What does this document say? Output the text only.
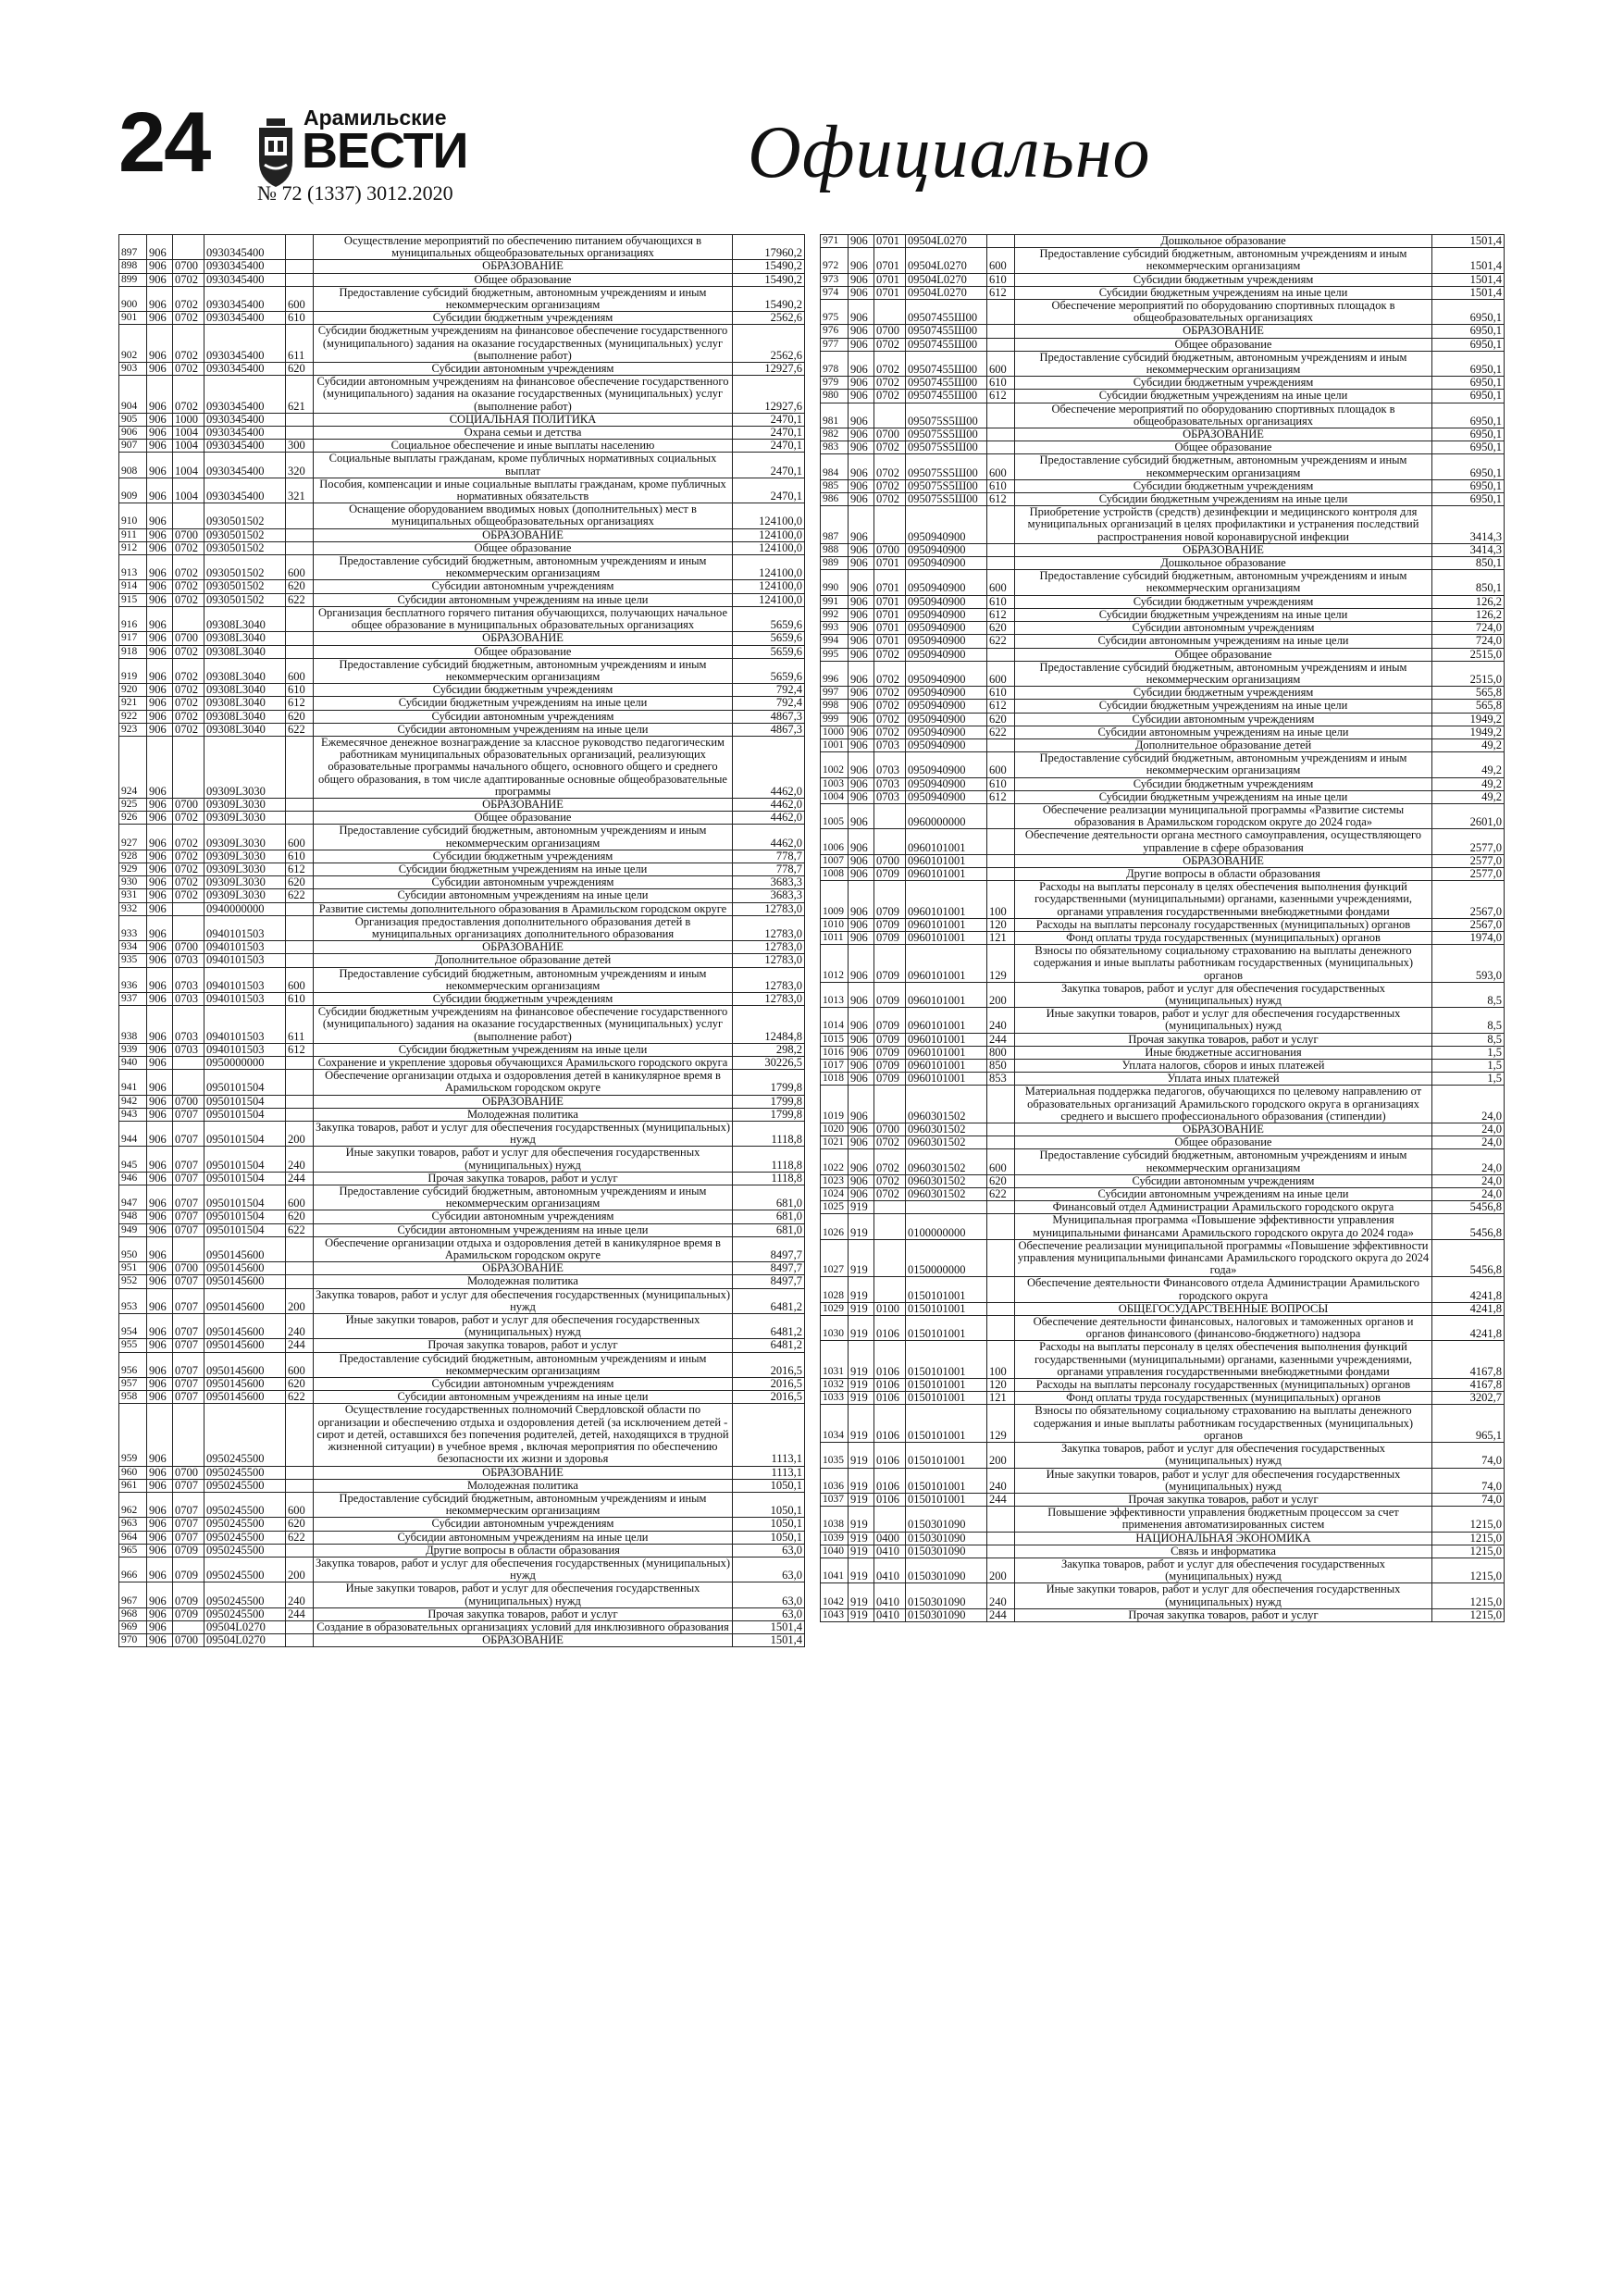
24	Арамильские
ВЕСТИ
№ 72 (1337) 3012.2020	Официально
897	906		0930345400		Осуществление мероприятий по обеспечению питанием обучающихся в муниципальных общеобразовательных организациях	17960,2
898	906	0700	0930345400		ОБРАЗОВАНИЕ	15490,2
899	906	0702	0930345400		Общее образование	15490,2
900	906	0702	0930345400	600	Предоставление субсидий бюджетным, автономным учреждениям и иным некоммерческим организациям	15490,2
901	906	0702	0930345400	610	Субсидии бюджетным учреждениям	2562,6
902	906	0702	0930345400	611	Субсидии бюджетным учреждениям на финансовое обеспечение государственного (муниципального) задания на оказание государственных (муниципальных) услуг (выполнение работ)	2562,6
903	906	0702	0930345400	620	Субсидии автономным учреждениям	12927,6
904	906	0702	0930345400	621	Субсидии автономным учреждениям на финансовое обеспечение государственного (муниципального) задания на оказание государственных (муниципальных) услуг (выполнение работ)	12927,6
905	906	1000	0930345400		СОЦИАЛЬНАЯ ПОЛИТИКА	2470,1
906	906	1004	0930345400		Охрана семьи и детства	2470,1
907	906	1004	0930345400	300	Социальное обеспечение и иные выплаты населению	2470,1
908	906	1004	0930345400	320	Социальные выплаты гражданам, кроме публичных нормативных социальных выплат	2470,1
909	906	1004	0930345400	321	Пособия, компенсации и иные социальные выплаты гражданам, кроме публичных нормативных обязательств	2470,1
910	906		0930501502		Оснащение оборудованием вводимых новых (дополнительных) мест в муниципальных общеобразовательных организациях	124100,0
911	906	0700	0930501502		ОБРАЗОВАНИЕ	124100,0
912	906	0702	0930501502		Общее образование	124100,0
913	906	0702	0930501502	600	Предоставление субсидий бюджетным, автономным учреждениям и иным некоммерческим организациям	124100,0
914	906	0702	0930501502	620	Субсидии автономным учреждениям	124100,0
915	906	0702	0930501502	622	Субсидии автономным учреждениям на иные цели	124100,0
916	906		09308L3040		Организация бесплатного горячего питания обучающихся, получающих начальное общее образование в муниципальных образовательных организациях	5659,6
917	906	0700	09308L3040		ОБРАЗОВАНИЕ	5659,6
918	906	0702	09308L3040		Общее образование	5659,6
919	906	0702	09308L3040	600	Предоставление субсидий бюджетным, автономным учреждениям и иным некоммерческим организациям	5659,6
920	906	0702	09308L3040	610	Субсидии бюджетным учреждениям	792,4
921	906	0702	09308L3040	612	Субсидии бюджетным учреждениям на иные цели	792,4
922	906	0702	09308L3040	620	Субсидии автономным учреждениям	4867,3
923	906	0702	09308L3040	622	Субсидии автономным учреждениям на иные цели	4867,3
924	906		09309L3030		Ежемесячное денежное вознаграждение за классное руководство педагогическим работникам муниципальных образовательных организаций, реализующих образовательные программы начального общего, основного общего и среднего общего образования, в том числе адаптированные основные общеобразовательные программы	4462,0
925	906	0700	09309L3030		ОБРАЗОВАНИЕ	4462,0
926	906	0702	09309L3030		Общее образование	4462,0
927	906	0702	09309L3030	600	Предоставление субсидий бюджетным, автономным учреждениям и иным некоммерческим организациям	4462,0
928	906	0702	09309L3030	610	Субсидии бюджетным учреждениям	778,7
929	906	0702	09309L3030	612	Субсидии бюджетным учреждениям на иные цели	778,7
930	906	0702	09309L3030	620	Субсидии автономным учреждениям	3683,3
931	906	0702	09309L3030	622	Субсидии автономным учреждениям на иные цели	3683,3
932	906		0940000000		Развитие системы дополнительного образования в Арамильском городском округе	12783,0
933	906		0940101503		Организация предоставления дополнительного образования детей в муниципальных организациях дополнительного образования	12783,0
934	906	0700	0940101503		ОБРАЗОВАНИЕ	12783,0
935	906	0703	0940101503		Дополнительное образование детей	12783,0
936	906	0703	0940101503	600	Предоставление субсидий бюджетным, автономным учреждениям и иным некоммерческим организациям	12783,0
937	906	0703	0940101503	610	Субсидии бюджетным учреждениям	12783,0
938	906	0703	0940101503	611	Субсидии бюджетным учреждениям на финансовое обеспечение государственного (муниципального) задания на оказание государственных (муниципальных) услуг (выполнение работ)	12484,8
939	906	0703	0940101503	612	Субсидии бюджетным учреждениям на иные цели	298,2
940	906		0950000000		Сохранение и укрепление здоровья обучающихся Арамильского городского округа	30226,5
941	906		0950101504		Обеспечение организации отдыха и оздоровления детей в каникулярное время в Арамильском городском округе	1799,8
942	906	0700	0950101504		ОБРАЗОВАНИЕ	1799,8
943	906	0707	0950101504		Молодежная политика	1799,8
944	906	0707	0950101504	200	Закупка товаров, работ и услуг для обеспечения государственных (муниципальных) нужд	1118,8
945	906	0707	0950101504	240	Иные закупки товаров, работ и услуг для обеспечения государственных (муниципальных) нужд	1118,8
946	906	0707	0950101504	244	Прочая закупка товаров, работ и услуг	1118,8
947	906	0707	0950101504	600	Предоставление субсидий бюджетным, автономным учреждениям и иным некоммерческим организациям	681,0
948	906	0707	0950101504	620	Субсидии автономным учреждениям	681,0
949	906	0707	0950101504	622	Субсидии автономным учреждениям на иные цели	681,0
950	906		0950145600		Обеспечение организации отдыха и оздоровления детей в каникулярное время в Арамильском городском округе	8497,7
951	906	0700	0950145600		ОБРАЗОВАНИЕ	8497,7
952	906	0707	0950145600		Молодежная политика	8497,7
953	906	0707	0950145600	200	Закупка товаров, работ и услуг для обеспечения государственных (муниципальных) нужд	6481,2
954	906	0707	0950145600	240	Иные закупки товаров, работ и услуг для обеспечения государственных (муниципальных) нужд	6481,2
955	906	0707	0950145600	244	Прочая закупка товаров, работ и услуг	6481,2
956	906	0707	0950145600	600	Предоставление субсидий бюджетным, автономным учреждениям и иным некоммерческим организациям	2016,5
957	906	0707	0950145600	620	Субсидии автономным учреждениям	2016,5
958	906	0707	0950145600	622	Субсидии автономным учреждениям на иные цели	2016,5
959	906		0950245500		Осуществление государственных полномочий Свердловской области по организации и обеспечению отдыха и оздоровления детей (за исключением детей - сирот и детей, оставшихся без попечения родителей, детей, находящихся в трудной жизненной ситуации) в учебное время , включая мероприятия по обеспечению безопасности их жизни и здоровья	1113,1
960	906	0700	0950245500		ОБРАЗОВАНИЕ	1113,1
961	906	0707	0950245500		Молодежная политика	1050,1
962	906	0707	0950245500	600	Предоставление субсидий бюджетным, автономным учреждениям и иным некоммерческим организациям	1050,1
963	906	0707	0950245500	620	Субсидии автономным учреждениям	1050,1
964	906	0707	0950245500	622	Субсидии автономным учреждениям на иные цели	1050,1
965	906	0709	0950245500		Другие вопросы в области образования	63,0
966	906	0709	0950245500	200	Закупка товаров, работ и услуг для обеспечения государственных (муниципальных) нужд	63,0
967	906	0709	0950245500	240	Иные закупки товаров, работ и услуг для обеспечения государственных (муниципальных) нужд	63,0
968	906	0709	0950245500	244	Прочая закупка товаров, работ и услуг	63,0
969	906		09504L0270		Создание в образовательных организациях условий для инклюзивного образования	1501,4
970	906	0700	09504L0270		ОБРАЗОВАНИЕ	1501,4
971	906	0701	09504L0270		Дошкольное образование	1501,4
972	906	0701	09504L0270	600	Предоставление субсидий бюджетным, автономным учреждениям и иным некоммерческим организациям	1501,4
973	906	0701	09504L0270	610	Субсидии бюджетным учреждениям	1501,4
974	906	0701	09504L0270	612	Субсидии бюджетным учреждениям на иные цели	1501,4
975	906		09507455Ш00		Обеспечение мероприятий по оборудованию спортивных площадок в общеобразовательных организациях	6950,1
976	906	0700	09507455Ш00		ОБРАЗОВАНИЕ	6950,1
977	906	0702	09507455Ш00		Общее образование	6950,1
978	906	0702	09507455Ш00	600	Предоставление субсидий бюджетным, автономным учреждениям и иным некоммерческим организациям	6950,1
979	906	0702	09507455Ш00	610	Субсидии бюджетным учреждениям	6950,1
980	906	0702	09507455Ш00	612	Субсидии бюджетным учреждениям на иные цели	6950,1
981	906		095075S5Ш00		Обеспечение мероприятий по оборудованию спортивных площадок в общеобразовательных организациях	6950,1
982	906	0700	095075S5Ш00		ОБРАЗОВАНИЕ	6950,1
983	906	0702	095075S5Ш00		Общее образование	6950,1
984	906	0702	095075S5Ш00	600	Предоставление субсидий бюджетным, автономным учреждениям и иным некоммерческим организациям	6950,1
985	906	0702	095075S5Ш00	610	Субсидии бюджетным учреждениям	6950,1
986	906	0702	095075S5Ш00	612	Субсидии бюджетным учреждениям на иные цели	6950,1
987	906		0950940900		Приобретение устройств (средств) дезинфекции и медицинского контроля для муниципальных организаций в целях профилактики и устранения последствий распространения новой коронавирусной инфекции	3414,3
988	906	0700	0950940900		ОБРАЗОВАНИЕ	3414,3
989	906	0701	0950940900		Дошкольное образование	850,1
990	906	0701	0950940900	600	Предоставление субсидий бюджетным, автономным учреждениям и иным некоммерческим организациям	850,1
991	906	0701	0950940900	610	Субсидии бюджетным учреждениям	126,2
992	906	0701	0950940900	612	Субсидии бюджетным учреждениям на иные цели	126,2
993	906	0701	0950940900	620	Субсидии автономным учреждениям	724,0
994	906	0701	0950940900	622	Субсидии автономным учреждениям на иные цели	724,0
995	906	0702	0950940900		Общее образование	2515,0
996	906	0702	0950940900	600	Предоставление субсидий бюджетным, автономным учреждениям и иным некоммерческим организациям	2515,0
997	906	0702	0950940900	610	Субсидии бюджетным учреждениям	565,8
998	906	0702	0950940900	612	Субсидии бюджетным учреждениям на иные цели	565,8
999	906	0702	0950940900	620	Субсидии автономным учреждениям	1949,2
1000	906	0702	0950940900	622	Субсидии автономным учреждениям на иные цели	1949,2
1001	906	0703	0950940900		Дополнительное образование детей	49,2
1002	906	0703	0950940900	600	Предоставление субсидий бюджетным, автономным учреждениям и иным некоммерческим организациям	49,2
1003	906	0703	0950940900	610	Субсидии бюджетным учреждениям	49,2
1004	906	0703	0950940900	612	Субсидии бюджетным учреждениям на иные цели	49,2
1005	906		0960000000		Обеспечение реализации муниципальной программы «Развитие системы образования в Арамильском городском округе до 2024 года»	2601,0
1006	906		0960101001		Обеспечение деятельности органа местного самоуправления, осуществляющего управление в сфере образования	2577,0
1007	906	0700	0960101001		ОБРАЗОВАНИЕ	2577,0
1008	906	0709	0960101001		Другие вопросы в области образования	2577,0
1009	906	0709	0960101001	100	Расходы на выплаты персоналу в целях обеспечения выполнения функций государственными (муниципальными) органами, казенными учреждениями, органами управления государственными внебюджетными фондами	2567,0
1010	906	0709	0960101001	120	Расходы на выплаты персоналу государственных (муниципальных) органов	2567,0
1011	906	0709	0960101001	121	Фонд оплаты труда государственных (муниципальных) органов	1974,0
1012	906	0709	0960101001	129	Взносы по обязательному социальному страхованию на выплаты денежного содержания и иные выплаты работникам государственных (муниципальных) органов	593,0
1013	906	0709	0960101001	200	Закупка товаров, работ и услуг для обеспечения государственных (муниципальных) нужд	8,5
1014	906	0709	0960101001	240	Иные закупки товаров, работ и услуг для обеспечения государственных (муниципальных) нужд	8,5
1015	906	0709	0960101001	244	Прочая закупка товаров, работ и услуг	8,5
1016	906	0709	0960101001	800	Иные бюджетные ассигнования	1,5
1017	906	0709	0960101001	850	Уплата налогов, сборов и иных платежей	1,5
1018	906	0709	0960101001	853	Уплата иных платежей	1,5
1019	906		0960301502		Материальная поддержка педагогов, обучающихся по целевому направлению от образовательных организаций Арамильского городского округа в организациях среднего и высшего профессионального образования (стипендии)	24,0
1020	906	0700	0960301502		ОБРАЗОВАНИЕ	24,0
1021	906	0702	0960301502		Общее образование	24,0
1022	906	0702	0960301502	600	Предоставление субсидий бюджетным, автономным учреждениям и иным некоммерческим организациям	24,0
1023	906	0702	0960301502	620	Субсидии автономным учреждениям	24,0
1024	906	0702	0960301502	622	Субсидии автономным учреждениям на иные цели	24,0
1025	919				Финансовый отдел Администрации Арамильского городского округа	5456,8
1026	919		0100000000		Муниципальная программа «Повышение эффективности управления муниципальными финансами Арамильского городского округа до 2024 года»	5456,8
1027	919		0150000000		Обеспечение реализации муниципальной программы «Повышение эффективности управления муниципальными финансами Арамильского городского округа до 2024 года»	5456,8
1028	919		0150101001		Обеспечение деятельности Финансового отдела Администрации Арамильского городского округа	4241,8
1029	919	0100	0150101001		ОБЩЕГОСУДАРСТВЕННЫЕ ВОПРОСЫ	4241,8
1030	919	0106	0150101001		Обеспечение деятельности финансовых, налоговых и таможенных органов и органов финансового (финансово-бюджетного) надзора	4241,8
1031	919	0106	0150101001	100	Расходы на выплаты персоналу в целях обеспечения выполнения функций государственными (муниципальными) органами, казенными учреждениями, органами управления государственными внебюджетными фондами	4167,8
1032	919	0106	0150101001	120	Расходы на выплаты персоналу государственных (муниципальных) органов	4167,8
1033	919	0106	0150101001	121	Фонд оплаты труда государственных (муниципальных) органов	3202,7
1034	919	0106	0150101001	129	Взносы по обязательному социальному страхованию на выплаты денежного содержания и иные выплаты работникам государственных (муниципальных) органов	965,1
1035	919	0106	0150101001	200	Закупка товаров, работ и услуг для обеспечения государственных (муниципальных) нужд	74,0
1036	919	0106	0150101001	240	Иные закупки товаров, работ и услуг для обеспечения государственных (муниципальных) нужд	74,0
1037	919	0106	0150101001	244	Прочая закупка товаров, работ и услуг	74,0
1038	919		0150301090		Повышение эффективности управления бюджетным процессом за счет применения автоматизированных систем	1215,0
1039	919	0400	0150301090		НАЦИОНАЛЬНАЯ ЭКОНОМИКА	1215,0
1040	919	0410	0150301090		Связь и информатика	1215,0
1041	919	0410	0150301090	200	Закупка товаров, работ и услуг для обеспечения государственных (муниципальных) нужд	1215,0
1042	919	0410	0150301090	240	Иные закупки товаров, работ и услуг для обеспечения государственных (муниципальных) нужд	1215,0
1043	919	0410	0150301090	244	Прочая закупка товаров, работ и услуг	1215,0
